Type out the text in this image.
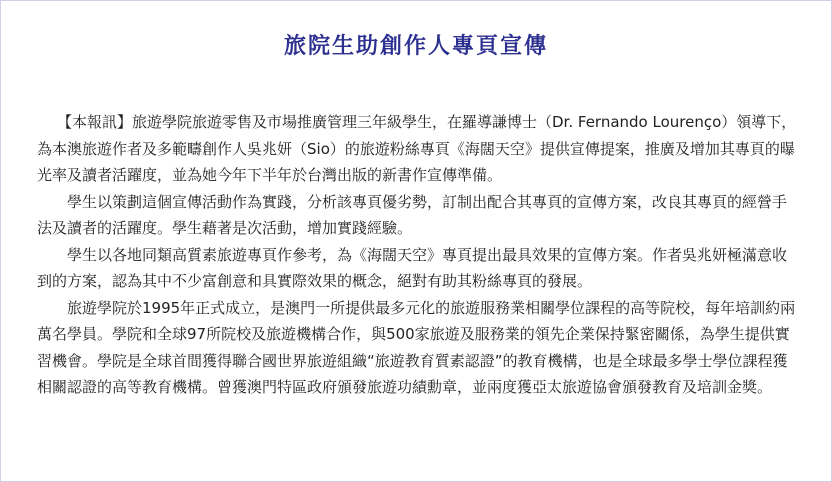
旅院生助創作人專頁宣傳

【本報訊】旅遊學院旅遊零售及市場推廣管理三年級學生，在羅導謙博士（Dr. Fernando Lourenço）領導下，為本澳旅遊作者及多範疇創作人吳兆妍（Sio）的旅遊粉絲專頁《海闊天空》提供宣傳提案，推廣及增加其專頁的曝光率及讀者活躍度，並為她今年下半年於台灣出版的新書作宣傳準備。

學生以策劃這個宣傳活動作為實踐，分析該專頁優劣勢，訂制出配合其專頁的宣傳方案，改良其專頁的經營手法及讀者的活躍度。學生藉著是次活動，增加實踐經驗。

學生以各地同類高質素旅遊專頁作參考，為《海闊天空》專頁提出最具效果的宣傳方案。作者吳兆妍極滿意收到的方案，認為其中不少富創意和具實際效果的概念，絕對有助其粉絲專頁的發展。

旅遊學院於1995年正式成立，是澳門一所提供最多元化的旅遊服務業相關學位課程的高等院校，每年培訓約兩萬名學員。學院和全球97所院校及旅遊機構合作，與500家旅遊及服務業的領先企業保持緊密關係，為學生提供實習機會。學院是全球首間獲得聯合國世界旅遊組織“旅遊教育質素認證”的教育機構，也是全球最多學士學位課程獲相關認證的高等教育機構。曾獲澳門特區政府頒發旅遊功績勳章，並兩度獲亞太旅遊協會頒發教育及培訓金獎。
